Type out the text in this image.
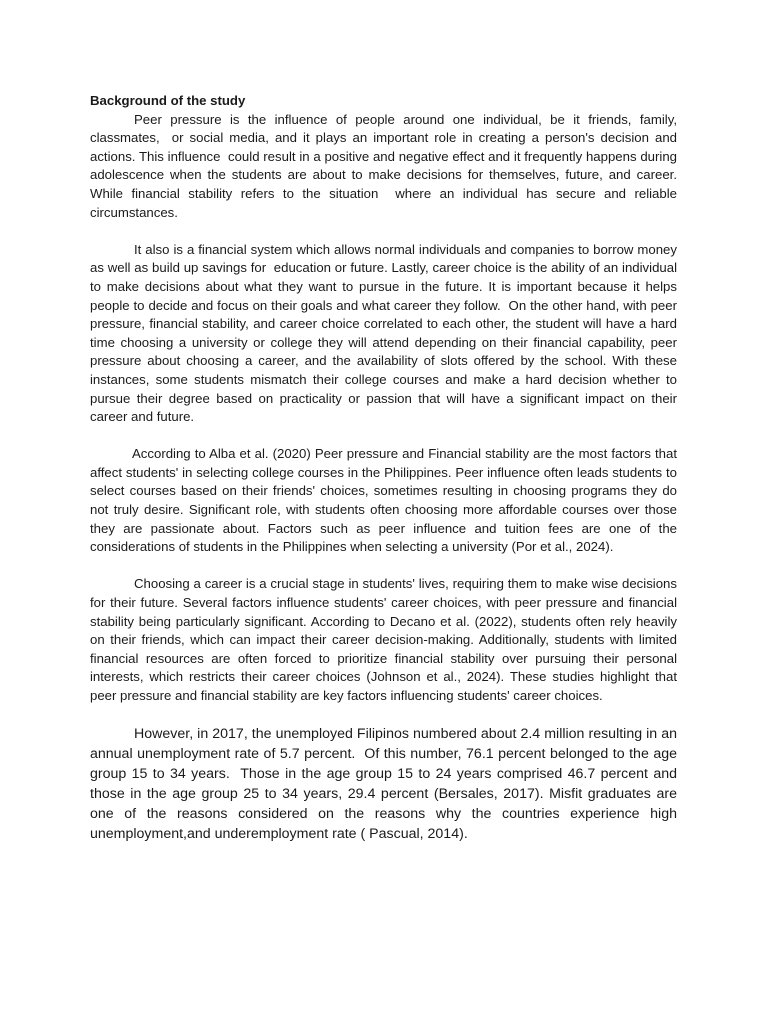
Background of the study

Peer pressure is the influence of people around one individual, be it friends, family, classmates,  or social media, and it plays an important role in creating a person's decision and actions. This influence  could result in a positive and negative effect and it frequently happens during adolescence when the students are about to make decisions for themselves, future, and career. While financial stability refers to the situation  where an individual has secure and reliable circumstances.

It also is a financial system which allows normal individuals and companies to borrow money as well as build up savings for  education or future. Lastly, career choice is the ability of an individual to make decisions about what they want to pursue in the future. It is important because it helps people to decide and focus on their goals and what career they follow.  On the other hand, with peer pressure, financial stability, and career choice correlated to each other, the student will have a hard time choosing a university or college they will attend depending on their financial capability, peer pressure about choosing a career, and the availability of slots offered by the school. With these instances, some students mismatch their college courses and make a hard decision whether to pursue their degree based on practicality or passion that will have a significant impact on their career and future.

According to Alba et al. (2020) Peer pressure and Financial stability are the most factors that affect students' in selecting college courses in the Philippines. Peer influence often leads students to select courses based on their friends' choices, sometimes resulting in choosing programs they do not truly desire. Significant role, with students often choosing more affordable courses over those they are passionate about. Factors such as peer influence and tuition fees are one of the considerations of students in the Philippines when selecting a university (Por et al., 2024).

Choosing a career is a crucial stage in students' lives, requiring them to make wise decisions for their future. Several factors influence students' career choices, with peer pressure and financial stability being particularly significant. According to Decano et al. (2022), students often rely heavily on their friends, which can impact their career decision-making. Additionally, students with limited financial resources are often forced to prioritize financial stability over pursuing their personal interests, which restricts their career choices (Johnson et al., 2024). These studies highlight that peer pressure and financial stability are key factors influencing students' career choices.

However, in 2017, the unemployed Filipinos numbered about 2.4 million resulting in an annual unemployment rate of 5.7 percent.  Of this number, 76.1 percent belonged to the age group 15 to 34 years.  Those in the age group 15 to 24 years comprised 46.7 percent and those in the age group 25 to 34 years, 29.4 percent (Bersales, 2017). Misfit graduates are one of the reasons considered on the reasons why the countries experience high unemployment,and underemployment rate ( Pascual, 2014).
